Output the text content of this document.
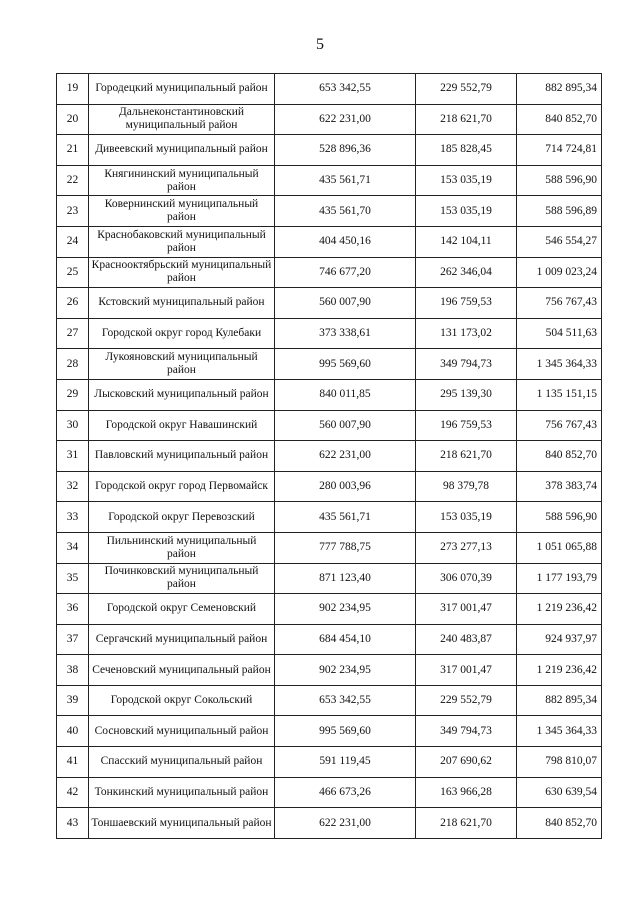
5
19	Городецкий муниципальный район	653 342,55	229 552,79	882 895,34
20	Дальнеконстантиновский муниципальный район	622 231,00	218 621,70	840 852,70
21	Дивеевский муниципальный район	528 896,36	185 828,45	714 724,81
22	Княгининский муниципальный район	435 561,71	153 035,19	588 596,90
23	Ковернинский муниципальный район	435 561,70	153 035,19	588 596,89
24	Краснобаковский муниципальный район	404 450,16	142 104,11	546 554,27
25	Краснооктябрьский муниципальный район	746 677,20	262 346,04	1 009 023,24
26	Кстовский муниципальный район	560 007,90	196 759,53	756 767,43
27	Городской округ город Кулебаки	373 338,61	131 173,02	504 511,63
28	Лукояновский муниципальный район	995 569,60	349 794,73	1 345 364,33
29	Лысковский муниципальный район	840 011,85	295 139,30	1 135 151,15
30	Городской округ Навашинский	560 007,90	196 759,53	756 767,43
31	Павловский муниципальный район	622 231,00	218 621,70	840 852,70
32	Городской округ город Первомайск	280 003,96	98 379,78	378 383,74
33	Городской округ Перевозский	435 561,71	153 035,19	588 596,90
34	Пильнинский муниципальный район	777 788,75	273 277,13	1 051 065,88
35	Починковский муниципальный район	871 123,40	306 070,39	1 177 193,79
36	Городской округ Семеновский	902 234,95	317 001,47	1 219 236,42
37	Сергачский муниципальный район	684 454,10	240 483,87	924 937,97
38	Сеченовский муниципальный район	902 234,95	317 001,47	1 219 236,42
39	Городской округ Сокольский	653 342,55	229 552,79	882 895,34
40	Сосновский муниципальный район	995 569,60	349 794,73	1 345 364,33
41	Спасский муниципальный район	591 119,45	207 690,62	798 810,07
42	Тонкинский муниципальный район	466 673,26	163 966,28	630 639,54
43	Тоншаевский муниципальный район	622 231,00	218 621,70	840 852,70
